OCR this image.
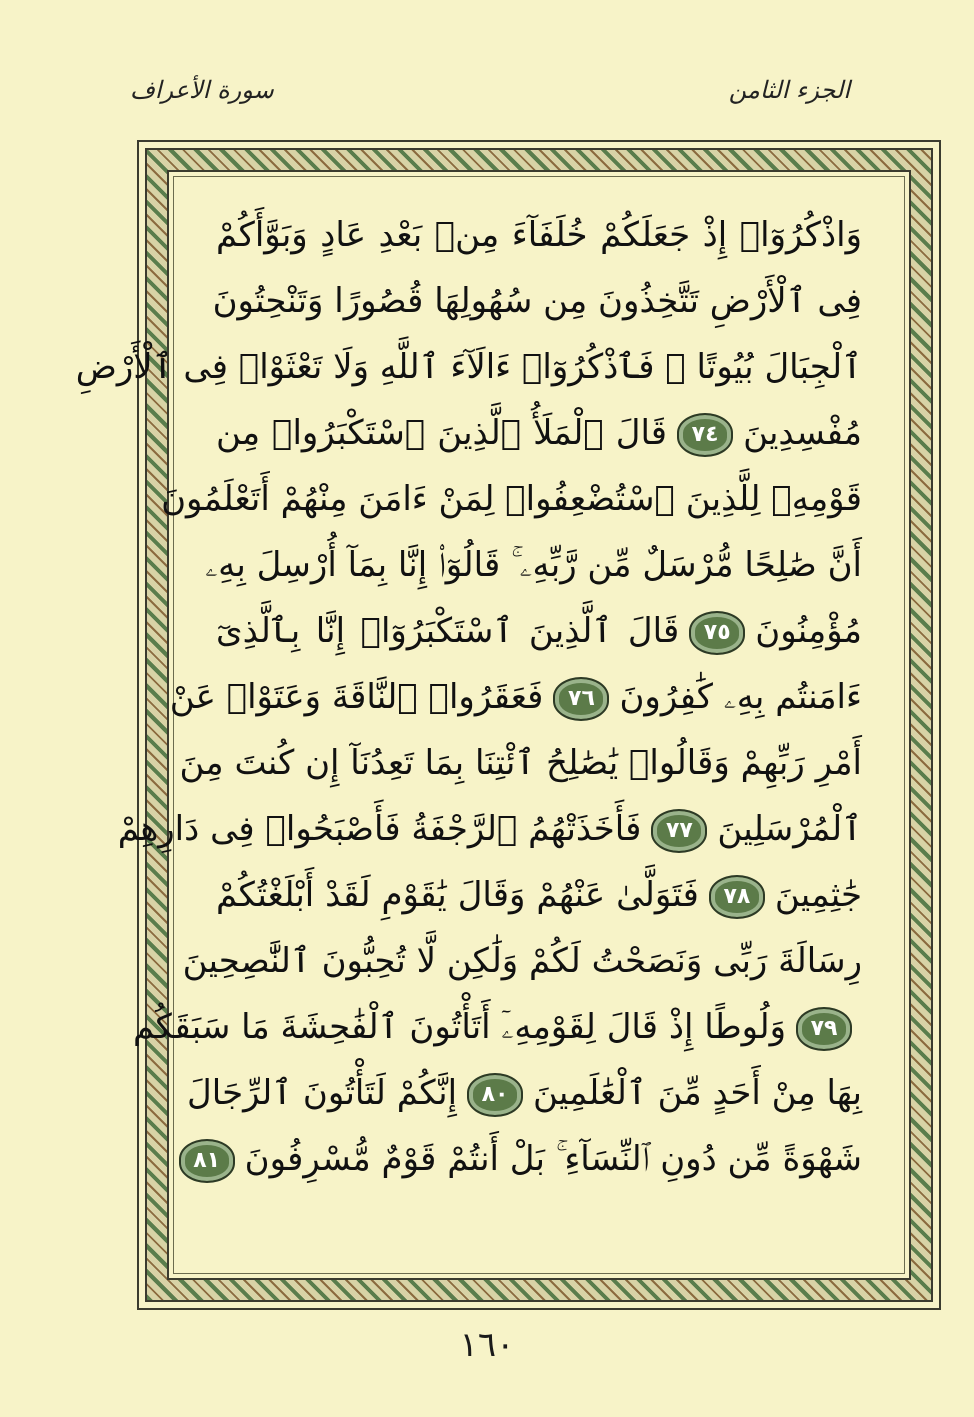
الجزء الثامن
سورة الأعراف
وَاذْكُرُوٓا۟ إِذْ جَعَلَكُمْ خُلَفَآءَ مِنۢ بَعْدِ عَادٍ وَبَوَّأَكُمْ
فِى ٱلْأَرْضِ تَتَّخِذُونَ مِن سُهُولِهَا قُصُورًا وَتَنْحِتُونَ
ٱلْجِبَالَ بُيُوتًا ۖ فَٱذْكُرُوٓا۟ ءَالَآءَ ٱللَّهِ وَلَا تَعْثَوْا۟ فِى ٱلْأَرْضِ
مُفْسِدِينَ٧٤قَالَ ٱلْمَلَأُ ٱلَّذِينَ ٱسْتَكْبَرُوا۟ مِن
قَوْمِهِۦ لِلَّذِينَ ٱسْتُضْعِفُوا۟ لِمَنْ ءَامَنَ مِنْهُمْ أَتَعْلَمُونَ
أَنَّ صَٰلِحًا مُّرْسَلٌ مِّن رَّبِّهِۦ ۚ قَالُوٓا۟ إِنَّا بِمَآ أُرْسِلَ بِهِۦ
مُؤْمِنُونَ٧٥قَالَ ٱلَّذِينَ ٱسْتَكْبَرُوٓا۟ إِنَّا بِٱلَّذِىٓ
ءَامَنتُم بِهِۦ كَٰفِرُونَ٧٦فَعَقَرُوا۟ ٱلنَّاقَةَ وَعَتَوْا۟ عَنْ
أَمْرِ رَبِّهِمْ وَقَالُوا۟ يَٰصَٰلِحُ ٱئْتِنَا بِمَا تَعِدُنَآ إِن كُنتَ مِنَ
ٱلْمُرْسَلِينَ٧٧فَأَخَذَتْهُمُ ٱلرَّجْفَةُ فَأَصْبَحُوا۟ فِى دَارِهِمْ
جَٰثِمِينَ٧٨فَتَوَلَّىٰ عَنْهُمْ وَقَالَ يَٰقَوْمِ لَقَدْ أَبْلَغْتُكُمْ
رِسَالَةَ رَبِّى وَنَصَحْتُ لَكُمْ وَلَٰكِن لَّا تُحِبُّونَ ٱلنَّٰصِحِينَ
٧٩وَلُوطًا إِذْ قَالَ لِقَوْمِهِۦٓ أَتَأْتُونَ ٱلْفَٰحِشَةَ مَا سَبَقَكُم
بِهَا مِنْ أَحَدٍ مِّنَ ٱلْعَٰلَمِينَ٨٠إِنَّكُمْ لَتَأْتُونَ ٱلرِّجَالَ
شَهْوَةً مِّن دُونِ ٱلنِّسَآءِ ۚ بَلْ أَنتُمْ قَوْمٌ مُّسْرِفُونَ٨١
١٦٠
